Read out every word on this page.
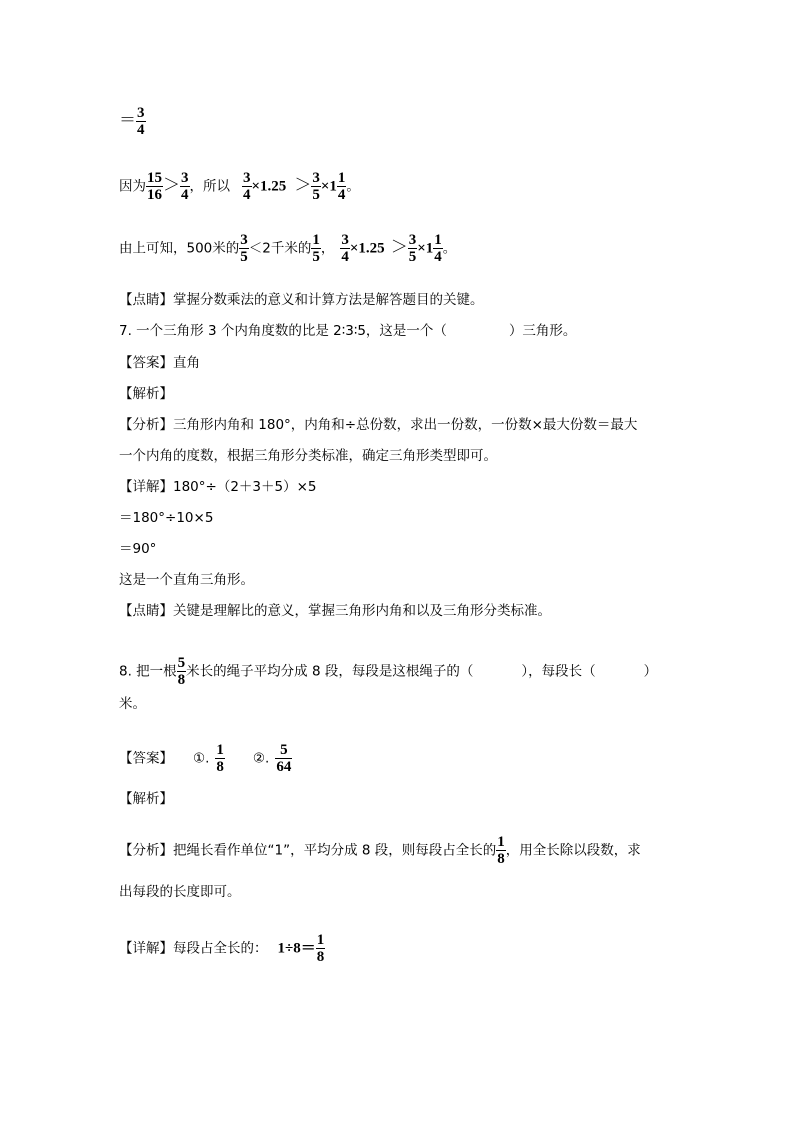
＝ $\frac{3}{4}$
因为 $\frac{15}{16} > \frac{3}{4}$ ，所以 $\frac{3}{4} \times 1.25 > \frac{3}{5} \times 1 \frac{1}{4}$ 。
由上可知，500米的 $\frac{3}{5} <2$千米的 $\frac{1}{5}$ ， $\frac{3}{4} \times 1.25 > \frac{3}{5} \times 1 \frac{1}{4}$ 。
【点睛】掌握分数乘法的意义和计算方法是解答题目的关键。
7. 一个三角形 3 个内角度数的比是 2∶3∶5，这是一个（	）三角形。
【答案】直角
【解析】
【分析】三角形内角和 180°，内角和÷总份数，求出一份数，一份数×最大份数＝最大
一个内角的度数，根据三角形分类标准，确定三角形类型即可。
【详解】180°÷（2＋3＋5）×5
＝180°÷10×5
＝90°
这是一个直角三角形。
【点睛】关键是理解比的意义，掌握三角形内角和以及三角形分类标准。
8. 把一根 $\frac{5}{8}$ 米长的绳子平均分成 8 段，每段是这根绳子的（	），每段长（	）
米。
【答案】 ①. $\frac{1}{8}$ ②. $\frac{5}{64}$
【解析】
【分析】把绳长看作单位“1”，平均分成 8 段，则每段占全长的 $\frac{1}{8}$ ，用全长除以段数，求
出每段的长度即可。
【详解】每段占全长的： $1\div 8= \frac{1}{8}$
